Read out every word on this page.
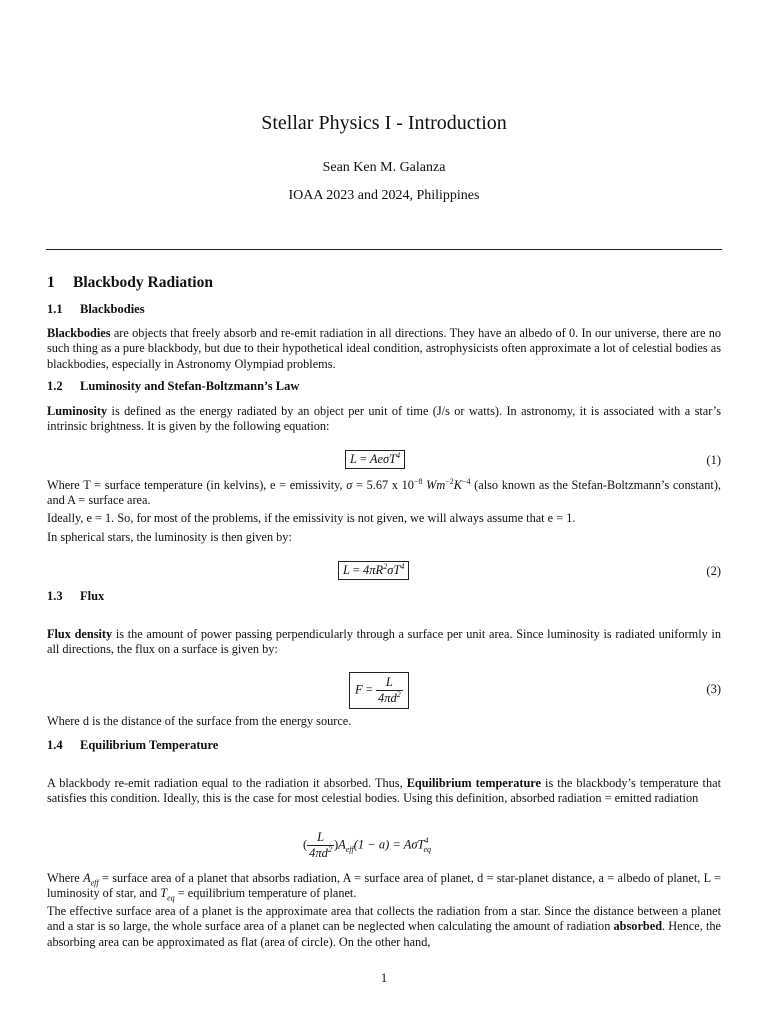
Stellar Physics I - Introduction
Sean Ken M. Galanza
IOAA 2023 and 2024, Philippines
1 Blackbody Radiation
1.1 Blackbodies
Blackbodies are objects that freely absorb and re-emit radiation in all directions. They have an albedo of 0. In our universe, there are no such thing as a pure blackbody, but due to their hypothetical ideal condition, astrophysicists often approximate a lot of celestial bodies as blackbodies, especially in Astronomy Olympiad problems.
1.2 Luminosity and Stefan-Boltzmann’s Law
Luminosity is defined as the energy radiated by an object per unit of time (J/s or watts). In astronomy, it is associated with a star’s intrinsic brightness. It is given by the following equation:
L = AeσT$^4$	(1)
Where T = surface temperature (in kelvins), e = emissivity, σ = 5.67 x $10^{-8}$ $Wm^{-2}K^{-4}$ (also known as the Stefan-Boltzmann’s constant), and A = surface area.
Ideally, e = 1. So, for most of the problems, if the emissivity is not given, we will always assume that e = 1.
In spherical stars, the luminosity is then given by:
$L = 4\pi R^2\sigma T^4$	(2)
1.3 Flux
Flux density is the amount of power passing perpendicularly through a surface per unit area. Since luminosity is radiated uniformly in all directions, the flux on a surface is given by:
$F = \frac{L}{4\pi d^2}$	(3)
Where d is the distance of the surface from the energy source.
1.4 Equilibrium Temperature
A blackbody re-emit radiation equal to the radiation it absorbed. Thus, Equilibrium temperature is the blackbody’s temperature that satisfies this condition. Ideally, this is the case for most celestial bodies. Using this definition, absorbed radiation = emitted radiation
( $\frac{L}{4\pi d^2} )A_{eff}(1 - a) = A\sigma T^4_{eq}$
Where $A_{eff}$ = surface area of a planet that absorbs radiation, A = surface area of planet, d = star-planet distance, a = albedo of planet, L = luminosity of star, and $T_{eq}$ = equilibrium temperature of planet.
The effective surface area of a planet is the approximate area that collects the radiation from a star. Since the distance between a planet and a star is so large, the whole surface area of a planet can be neglected when calculating the amount of radiation absorbed. Hence, the absorbing area can be approximated as flat (area of circle). On the other hand,
1
